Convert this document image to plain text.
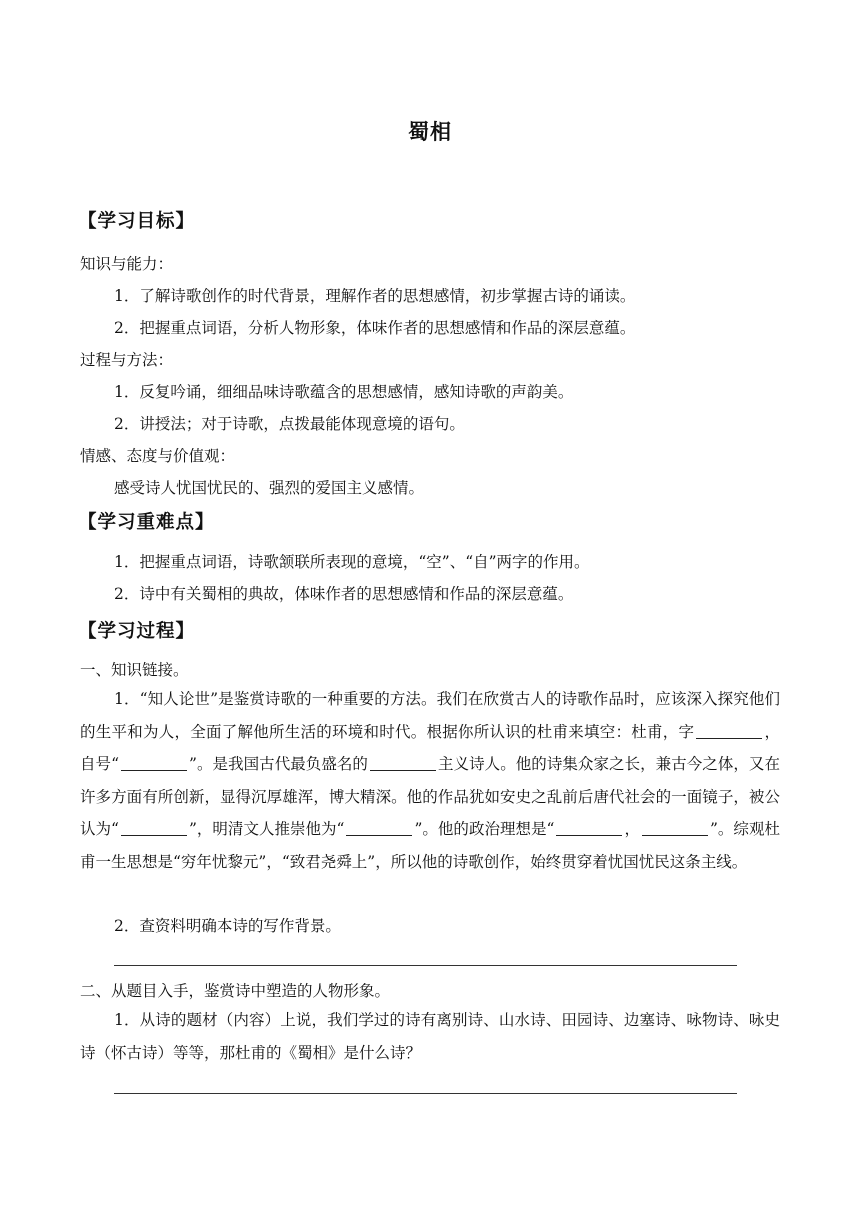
蜀相
【学习目标】
知识与能力：
1．了解诗歌创作的时代背景，理解作者的思想感情，初步掌握古诗的诵读。
2．把握重点词语，分析人物形象，体味作者的思想感情和作品的深层意蕴。
过程与方法：
1．反复吟诵，细细品味诗歌蕴含的思想感情，感知诗歌的声韵美。
2．讲授法；对于诗歌，点拨最能体现意境的语句。
情感、态度与价值观：
感受诗人忧国忧民的、强烈的爱国主义感情。
【学习重难点】
1．把握重点词语，诗歌颔联所表现的意境，“空”、“自”两字的作用。
2．诗中有关蜀相的典故，体味作者的思想感情和作品的深层意蕴。
【学习过程】
一、知识链接。
1．“知人论世”是鉴赏诗歌的一种重要的方法。我们在欣赏古人的诗歌作品时，应该深入探究他们的生平和为人，全面了解他所生活的环境和时代。根据你所认识的杜甫来填空：杜甫，字	，自号“	”。是我国古代最负盛名的	主义诗人。他的诗集众家之长，兼古今之体，又在许多方面有所创新，显得沉厚雄浑，博大精深。他的作品犹如安史之乱前后唐代社会的一面镜子，被公认为“	”，明清文人推崇他为“	”。他的政治理想是“	，	”。综观杜甫一生思想是“穷年忧黎元”，“致君尧舜上”，所以他的诗歌创作，始终贯穿着忧国忧民这条主线。
2．查资料明确本诗的写作背景。
二、从题目入手，鉴赏诗中塑造的人物形象。
1．从诗的题材（内容）上说，我们学过的诗有离别诗、山水诗、田园诗、边塞诗、咏物诗、咏史诗（怀古诗）等等，那杜甫的《蜀相》是什么诗？
